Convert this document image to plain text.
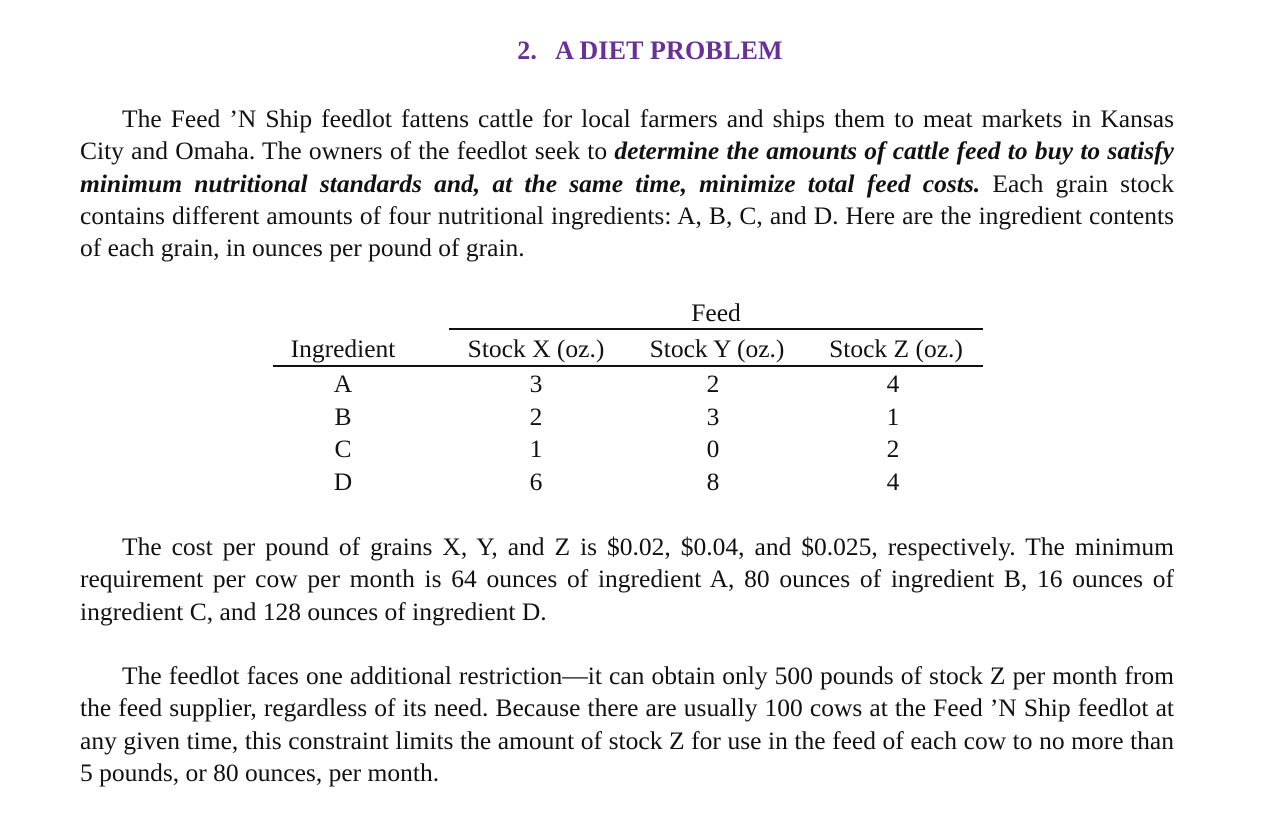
2. A DIET PROBLEM

The Feed ’N Ship feedlot fattens cattle for local farmers and ships them to meat markets in Kansas City and Omaha. The owners of the feedlot seek to determine the amounts of cattle feed to buy to satisfy minimum nutritional standards and, at the same time, minimize total feed costs. Each grain stock contains different amounts of four nutritional ingredients: A, B, C, and D. Here are the ingredient contents of each grain, in ounces per pound of grain.

Feed
Ingredient	Stock X (oz.)	Stock Y (oz.)	Stock Z (oz.)
A	3	2	4
B	2	3	1
C	1	0	2
D	6	8	4

The cost per pound of grains X, Y, and Z is $0.02, $0.04, and $0.025, respectively. The minimum requirement per cow per month is 64 ounces of ingredient A, 80 ounces of ingredient B, 16 ounces of ingredient C, and 128 ounces of ingredient D.

The feedlot faces one additional restriction—it can obtain only 500 pounds of stock Z per month from the feed supplier, regardless of its need. Because there are usually 100 cows at the Feed ’N Ship feedlot at any given time, this constraint limits the amount of stock Z for use in the feed of each cow to no more than 5 pounds, or 80 ounces, per month.
